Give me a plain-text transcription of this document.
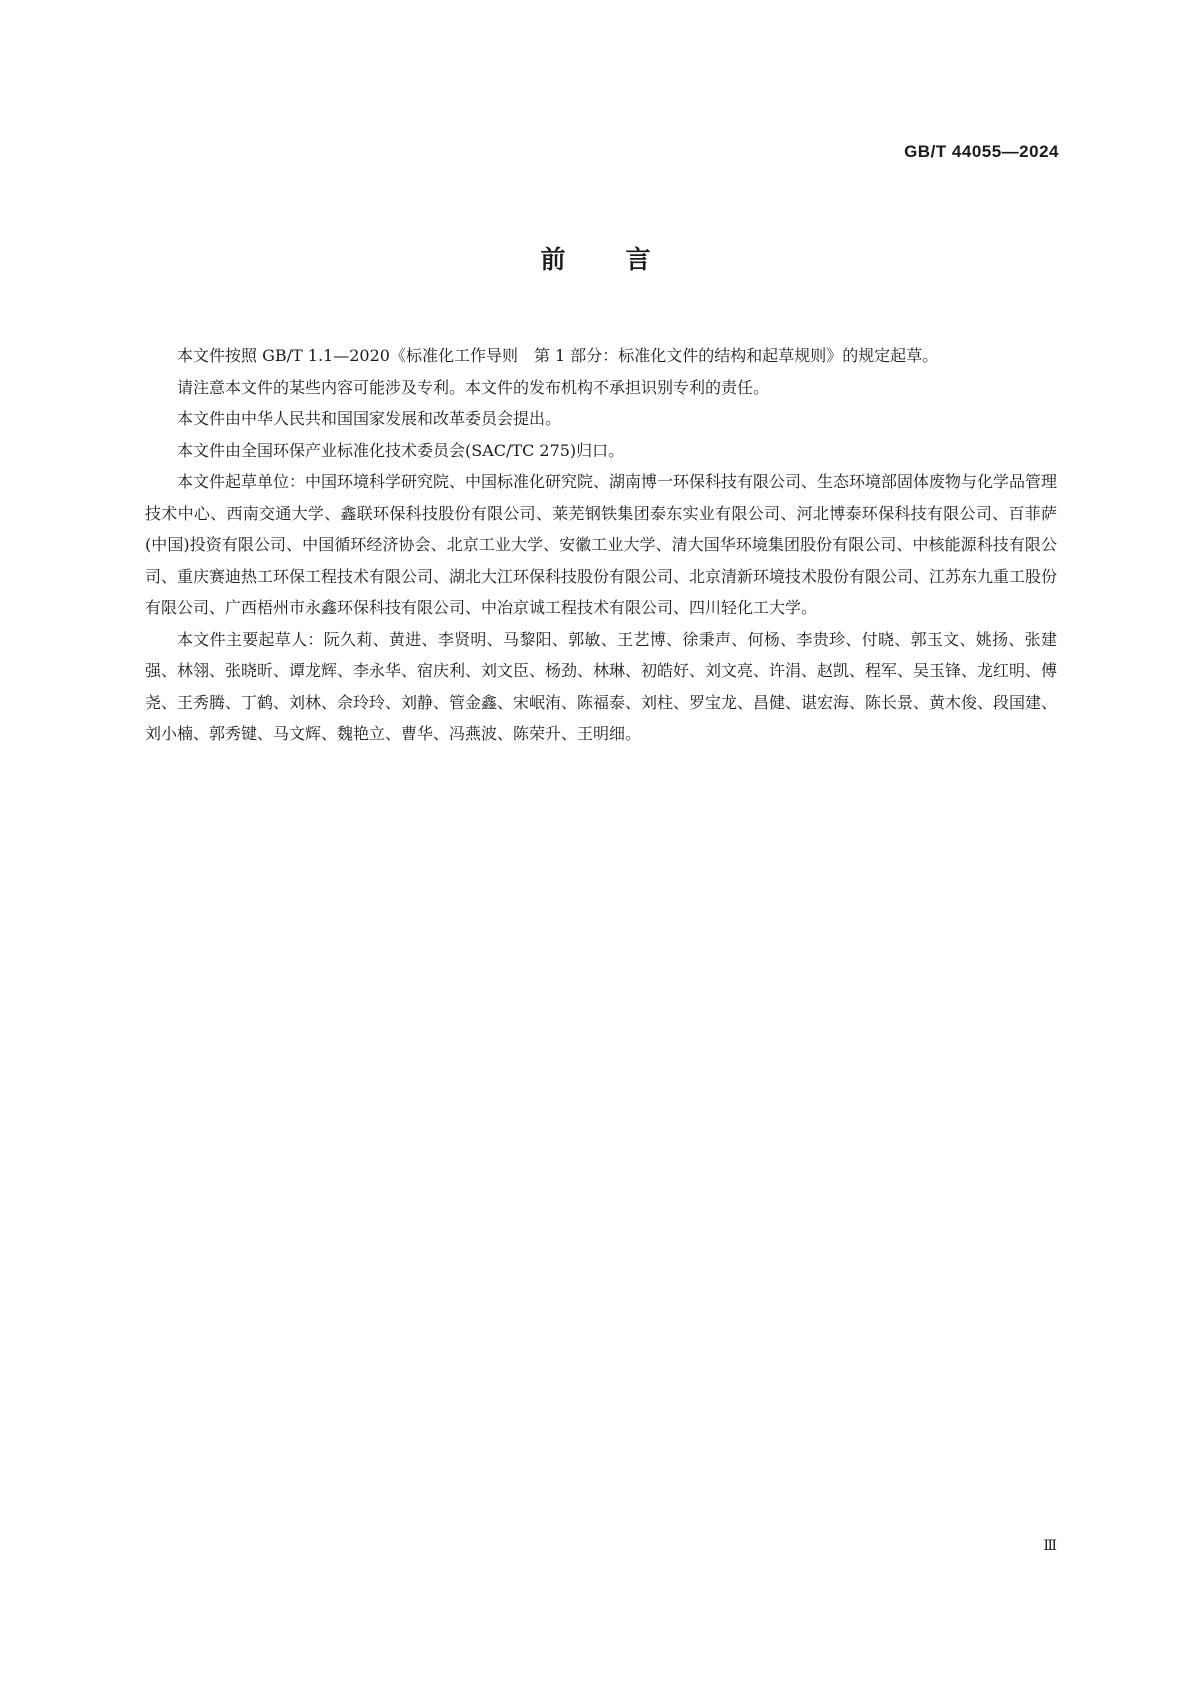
GB/T 44055—2024
前言

本文件按照 GB/T 1.1—2020《标准化工作导则　第 1 部分：标准化文件的结构和起草规则》的规定起草。

请注意本文件的某些内容可能涉及专利。本文件的发布机构不承担识别专利的责任。

本文件由中华人民共和国国家发展和改革委员会提出。

本文件由全国环保产业标准化技术委员会(SAC/TC 275)归口。

本文件起草单位：中国环境科学研究院、中国标准化研究院、湖南博一环保科技有限公司、生态环境部固体废物与化学品管理技术中心、西南交通大学、鑫联环保科技股份有限公司、莱芜钢铁集团泰东实业有限公司、河北博泰环保科技有限公司、百菲萨(中国)投资有限公司、中国循环经济协会、北京工业大学、安徽工业大学、清大国华环境集团股份有限公司、中核能源科技有限公司、重庆赛迪热工环保工程技术有限公司、湖北大江环保科技股份有限公司、北京清新环境技术股份有限公司、江苏东九重工股份有限公司、广西梧州市永鑫环保科技有限公司、中冶京诚工程技术有限公司、四川轻化工大学。

本文件主要起草人：阮久莉、黄进、李贤明、马黎阳、郭敏、王艺博、徐秉声、何杨、李贵珍、付晓、郭玉文、姚扬、张建强、林翎、张晓昕、谭龙辉、李永华、宿庆利、刘文臣、杨劲、林琳、初皓好、刘文亮、许涓、赵凯、程军、吴玉锋、龙红明、傅尧、王秀腾、丁鹤、刘林、佘玲玲、刘静、管金鑫、宋岷洧、陈福泰、刘柱、罗宝龙、昌健、谌宏海、陈长景、黄木俊、段国建、刘小楠、郭秀键、马文辉、魏艳立、曹华、冯燕波、陈荣升、王明细。

Ⅲ
